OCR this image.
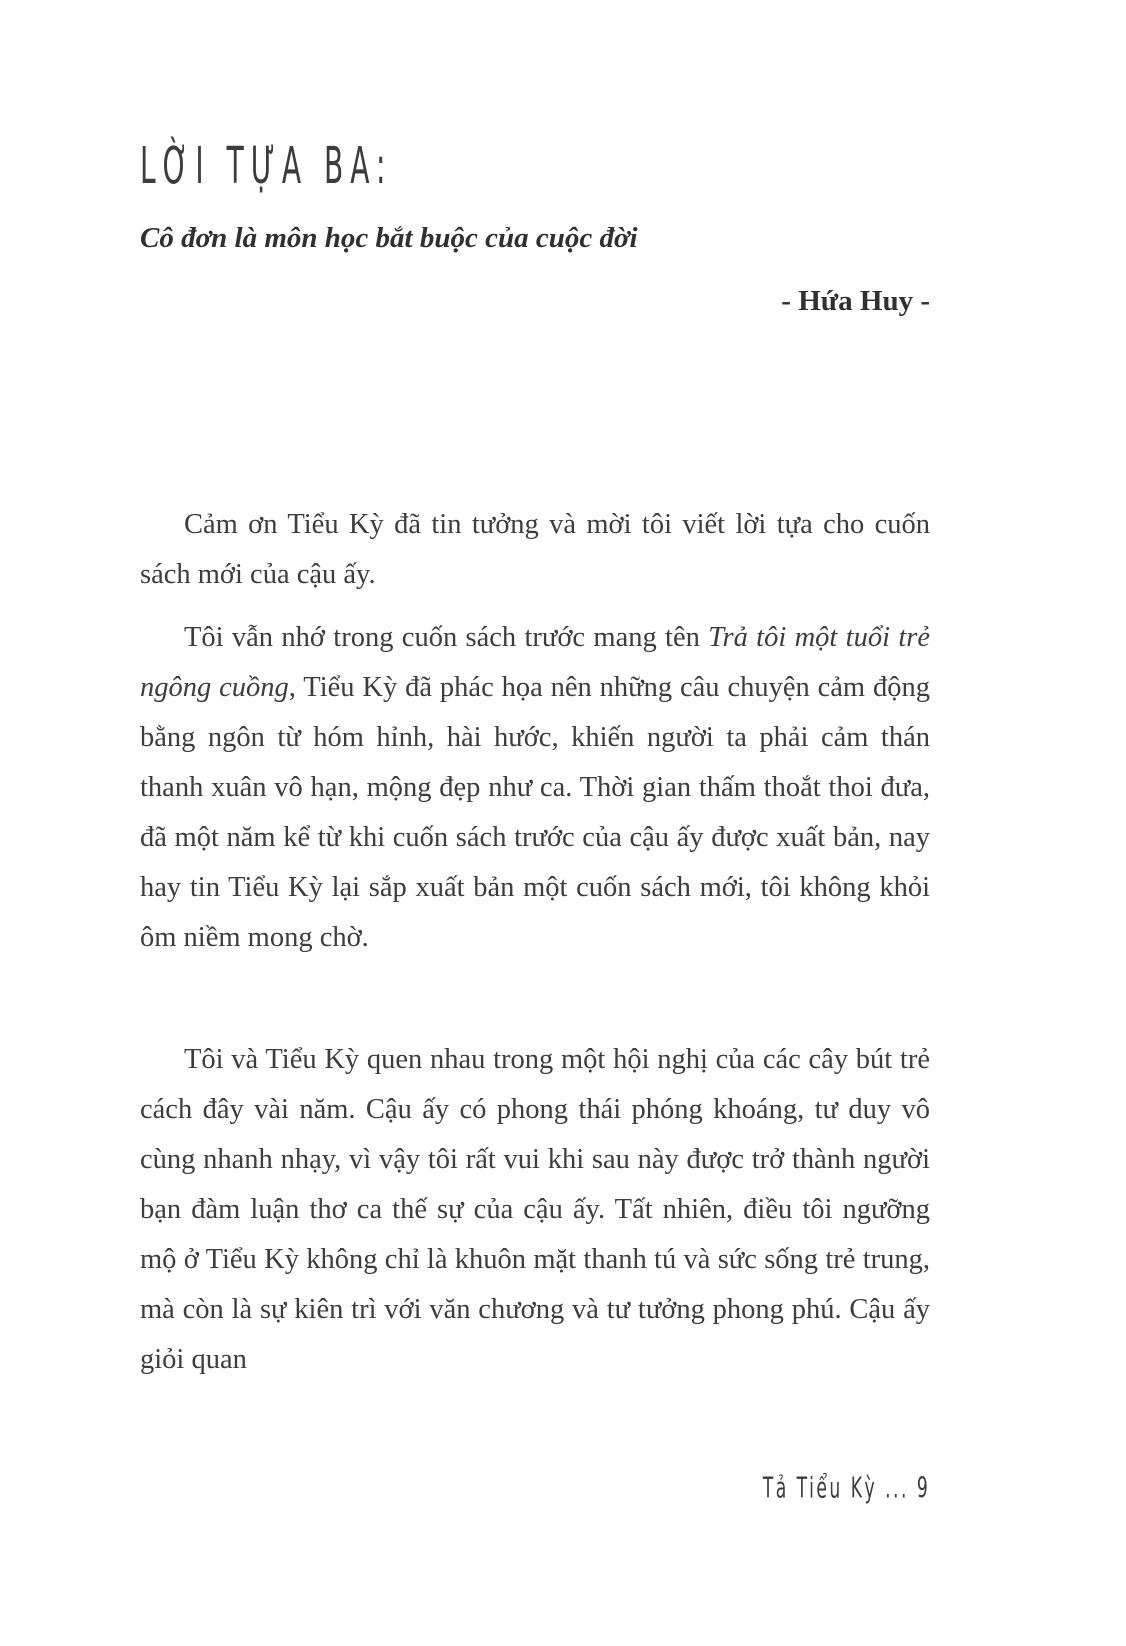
LỜI TỰA BA:
Cô đơn là môn học bắt buộc của cuộc đời
- Hứa Huy -

Cảm ơn Tiểu Kỳ đã tin tưởng và mời tôi viết lời tựa cho cuốn sách mới của cậu ấy.

Tôi vẫn nhớ trong cuốn sách trước mang tên Trả tôi một tuổi trẻ ngông cuồng, Tiểu Kỳ đã phác họa nên những câu chuyện cảm động bằng ngôn từ hóm hỉnh, hài hước, khiến người ta phải cảm thán thanh xuân vô hạn, mộng đẹp như ca. Thời gian thấm thoắt thoi đưa, đã một năm kể từ khi cuốn sách trước của cậu ấy được xuất bản, nay hay tin Tiểu Kỳ lại sắp xuất bản một cuốn sách mới, tôi không khỏi ôm niềm mong chờ.

Tôi và Tiểu Kỳ quen nhau trong một hội nghị của các cây bút trẻ cách đây vài năm. Cậu ấy có phong thái phóng khoáng, tư duy vô cùng nhanh nhạy, vì vậy tôi rất vui khi sau này được trở thành người bạn đàm luận thơ ca thế sự của cậu ấy. Tất nhiên, điều tôi ngưỡng mộ ở Tiểu Kỳ không chỉ là khuôn mặt thanh tú và sức sống trẻ trung, mà còn là sự kiên trì với văn chương và tư tưởng phong phú. Cậu ấy giỏi quan

Tả Tiểu Kỳ ... 9
